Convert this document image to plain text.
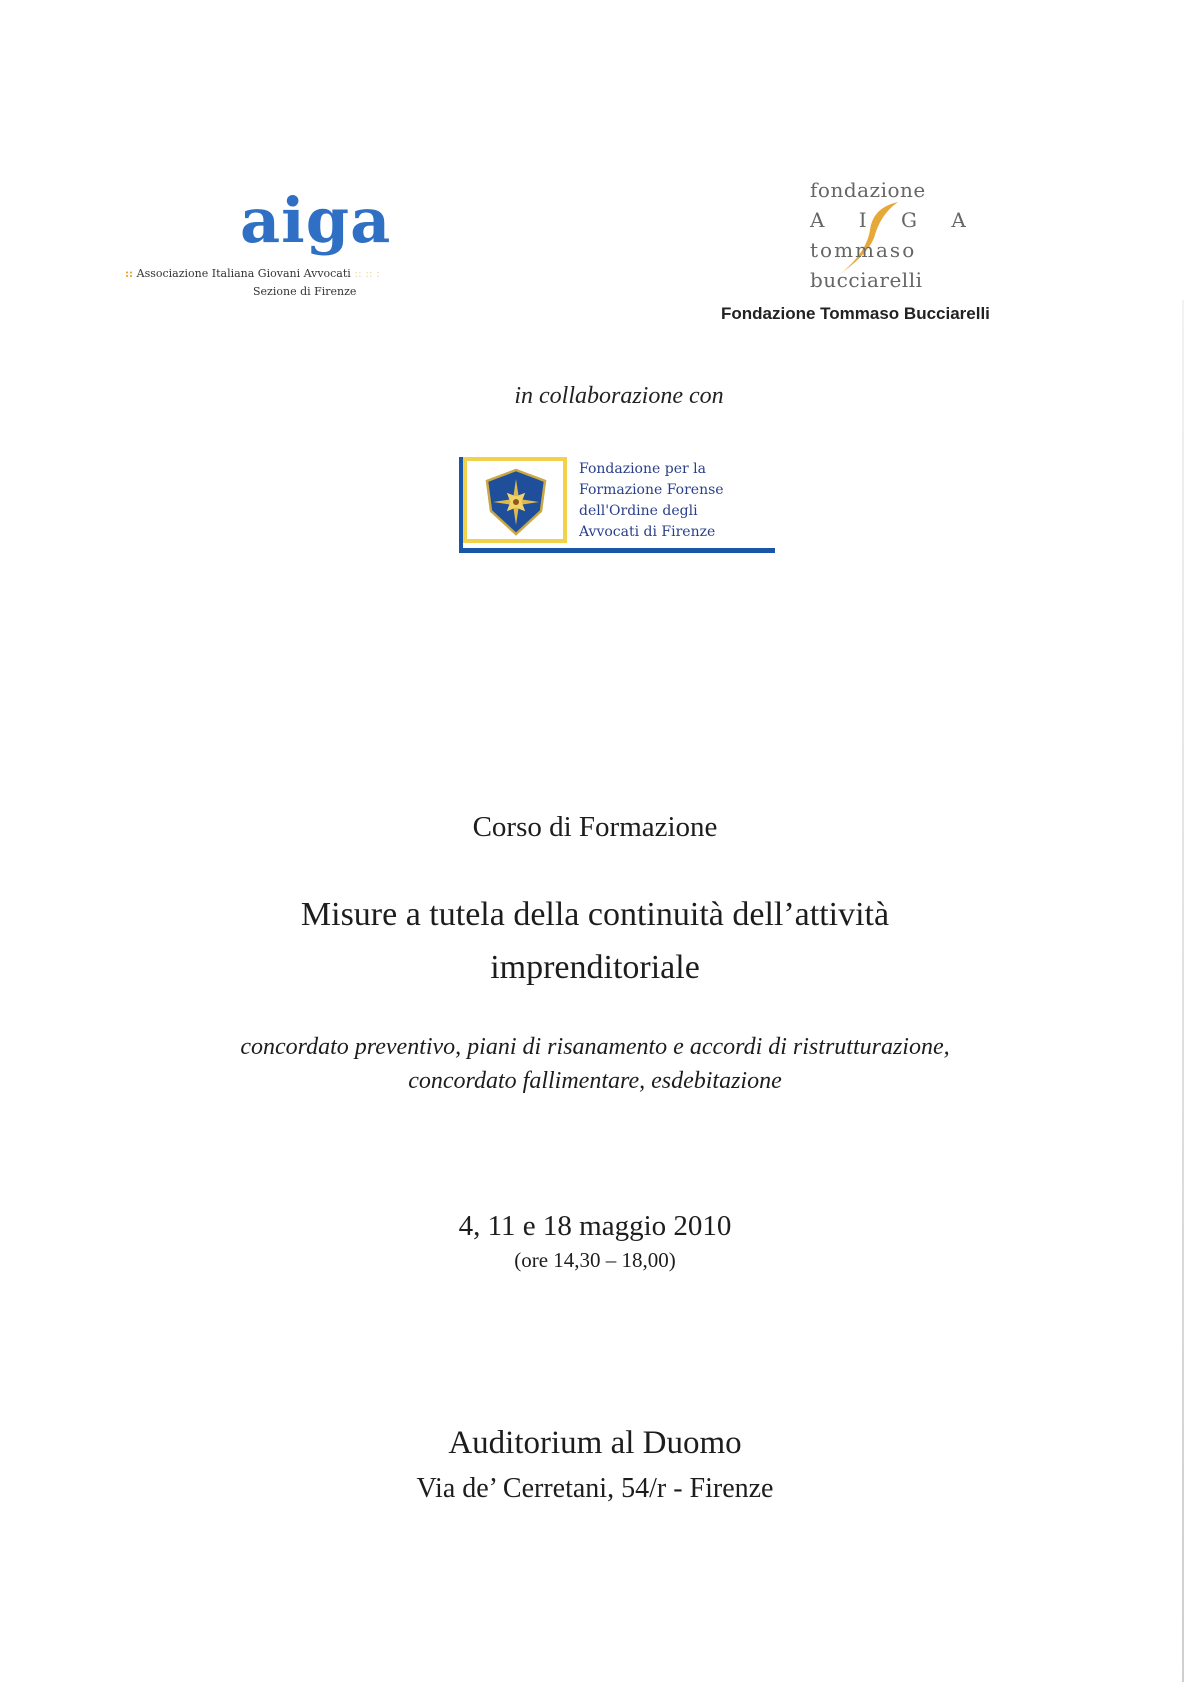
aiga
:: Associazione Italiana Giovani Avvocati :: :: :
Sezione di Firenze
fondazione
A I G A
tommaso
bucciarelli
Fondazione Tommaso Bucciarelli
in collaborazione con
Fondazione per la
Formazione Forense
dell'Ordine degli
Avvocati di Firenze
Corso di Formazione
Misure a tutela della continuità dell’attività
imprenditoriale
concordato preventivo, piani di risanamento e accordi di ristrutturazione,
concordato fallimentare, esdebitazione
4, 11 e 18 maggio 2010
(ore 14,30 – 18,00)
Auditorium al Duomo
Via de’ Cerretani, 54/r - Firenze
